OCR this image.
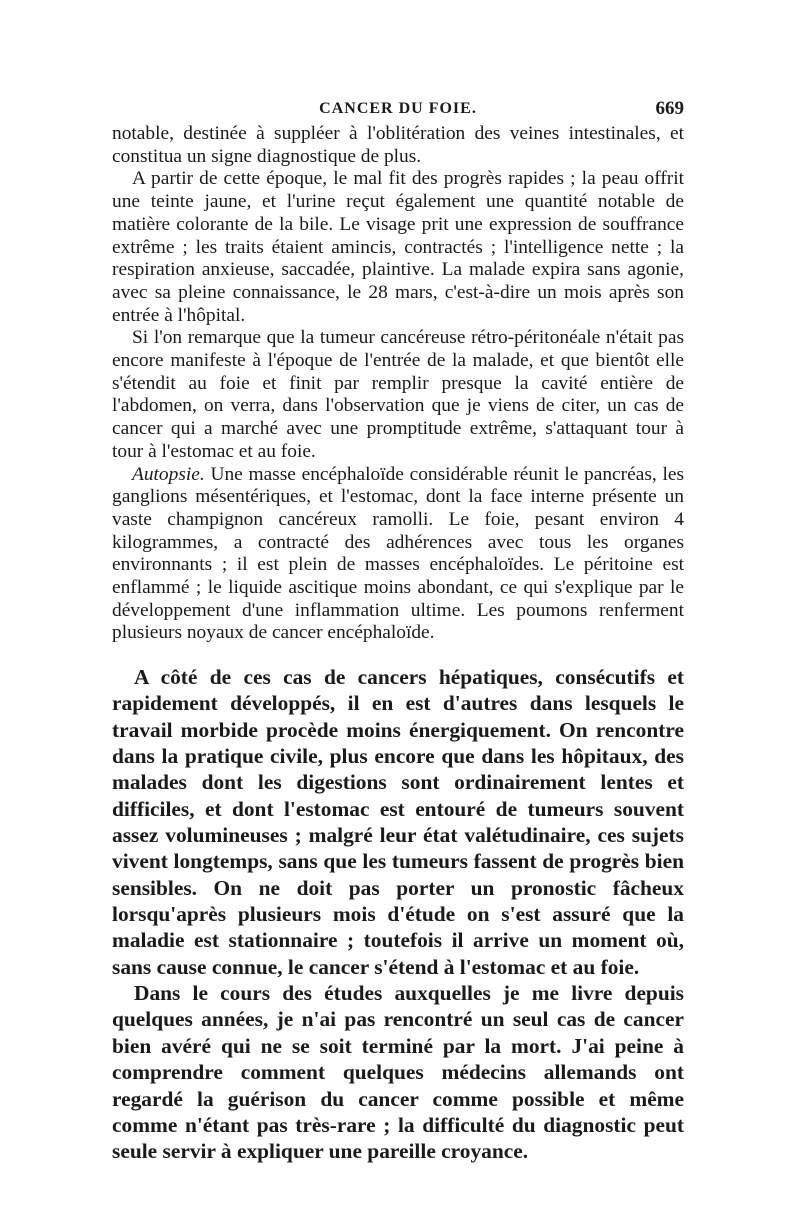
CANCER DU FOIE.	669

notable, destinée à suppléer à l'oblitération des veines intestinales, et constitua un signe diagnostique de plus.

A partir de cette époque, le mal fit des progrès rapides ; la peau offrit une teinte jaune, et l'urine reçut également une quantité notable de matière colorante de la bile. Le visage prit une expression de souffrance extrême ; les traits étaient amincis, contractés ; l'intelligence nette ; la respiration anxieuse, saccadée, plaintive. La malade expira sans agonie, avec sa pleine connaissance, le 28 mars, c'est-à-dire un mois après son entrée à l'hôpital.

Si l'on remarque que la tumeur cancéreuse rétro-péritonéale n'était pas encore manifeste à l'époque de l'entrée de la malade, et que bientôt elle s'étendit au foie et finit par remplir presque la cavité entière de l'abdomen, on verra, dans l'observation que je viens de citer, un cas de cancer qui a marché avec une promptitude extrême, s'attaquant tour à tour à l'estomac et au foie.

Autopsie. Une masse encéphaloïde considérable réunit le pancréas, les ganglions mésentériques, et l'estomac, dont la face interne présente un vaste champignon cancéreux ramolli. Le foie, pesant environ 4 kilogrammes, a contracté des adhérences avec tous les organes environnants ; il est plein de masses encéphaloïdes. Le péritoine est enflammé ; le liquide ascitique moins abondant, ce qui s'explique par le développement d'une inflammation ultime. Les poumons renferment plusieurs noyaux de cancer encéphaloïde.

A côté de ces cas de cancers hépatiques, consécutifs et rapidement développés, il en est d'autres dans lesquels le travail morbide procède moins énergiquement. On rencontre dans la pratique civile, plus encore que dans les hôpitaux, des malades dont les digestions sont ordinairement lentes et difficiles, et dont l'estomac est entouré de tumeurs souvent assez volumineuses ; malgré leur état valétudinaire, ces sujets vivent longtemps, sans que les tumeurs fassent de progrès bien sensibles. On ne doit pas porter un pronostic fâcheux lorsqu'après plusieurs mois d'étude on s'est assuré que la maladie est stationnaire ; toutefois il arrive un moment où, sans cause connue, le cancer s'étend à l'estomac et au foie.

Dans le cours des études auxquelles je me livre depuis quelques années, je n'ai pas rencontré un seul cas de cancer bien avéré qui ne se soit terminé par la mort. J'ai peine à comprendre comment quelques médecins allemands ont regardé la guérison du cancer comme possible et même comme n'étant pas très-rare ; la difficulté du diagnostic peut seule servir à expliquer une pareille croyance.
